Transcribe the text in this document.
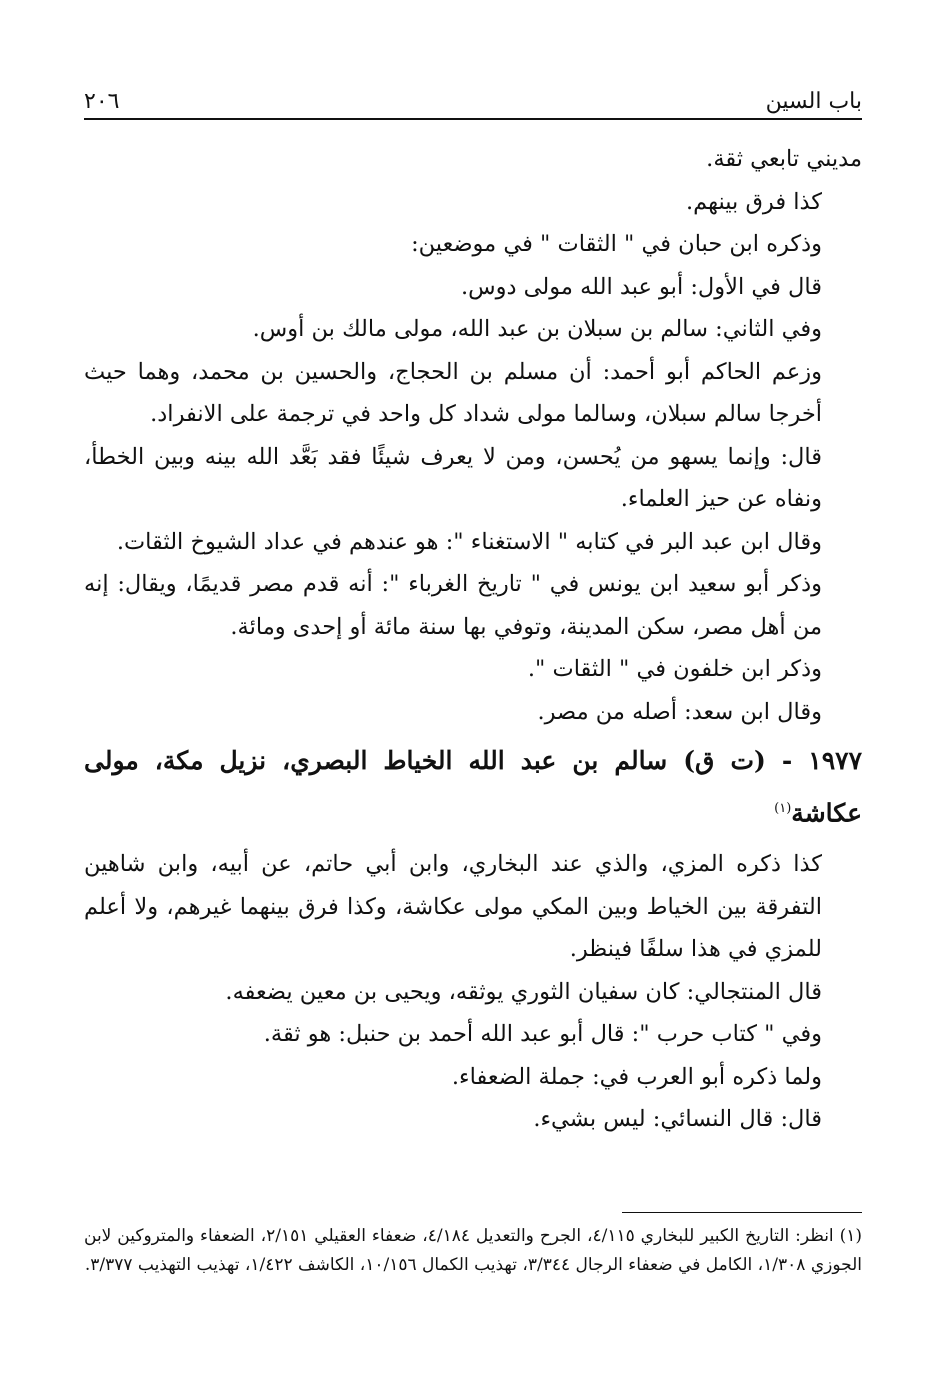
باب السين
٢٠٦

مديني تابعي ثقة.

كذا فرق بينهم.

وذكره ابن حبان في " الثقات " في موضعين:

قال في الأول: أبو عبد الله مولى دوس.

وفي الثاني: سالم بن سبلان بن عبد الله، مولى مالك بن أوس.

وزعم الحاكم أبو أحمد: أن مسلم بن الحجاج، والحسين بن محمد، وهما حيث أخرجا سالم سبلان، وسالما مولى شداد كل واحد في ترجمة على الانفراد.

قال: وإنما يسهو من يُحسن، ومن لا يعرف شيئًا فقد بَعَّد الله بينه وبين الخطأ، ونفاه عن حيز العلماء.

وقال ابن عبد البر في كتابه " الاستغناء ": هو عندهم في عداد الشيوخ الثقات.

وذكر أبو سعيد ابن يونس في " تاريخ الغرباء ": أنه قدم مصر قديمًا، ويقال: إنه من أهل مصر، سكن المدينة، وتوفي بها سنة مائة أو إحدى ومائة.

وذكر ابن خلفون في " الثقات ".

وقال ابن سعد: أصله من مصر.

١٩٧٧ - (ت ق) سالم بن عبد الله الخياط البصري، نزيل مكة، مولى عكاشة$^{(١)}$

كذا ذكره المزي، والذي عند البخاري، وابن أبي حاتم، عن أبيه، وابن شاهين التفرقة بين الخياط وبين المكي مولى عكاشة، وكذا فرق بينهما غيرهم، ولا أعلم للمزي في هذا سلفًا فينظر.

قال المنتجالي: كان سفيان الثوري يوثقه، ويحيى بن معين يضعفه.

وفي " كتاب حرب ": قال أبو عبد الله أحمد بن حنبل: هو ثقة.

ولما ذكره أبو العرب في: جملة الضعفاء.

قال: قال النسائي: ليس بشيء.

(١) انظر: التاريخ الكبير للبخاري ٤/١١٥، الجرح والتعديل ٤/١٨٤، ضعفاء العقيلي ٢/١٥١، الضعفاء والمتروكين لابن الجوزي ١/٣٠٨، الكامل في ضعفاء الرجال ٣/٣٤٤، تهذيب الكمال ١٠/١٥٦، الكاشف ١/٤٢٢، تهذيب التهذيب ٣/٣٧٧.
